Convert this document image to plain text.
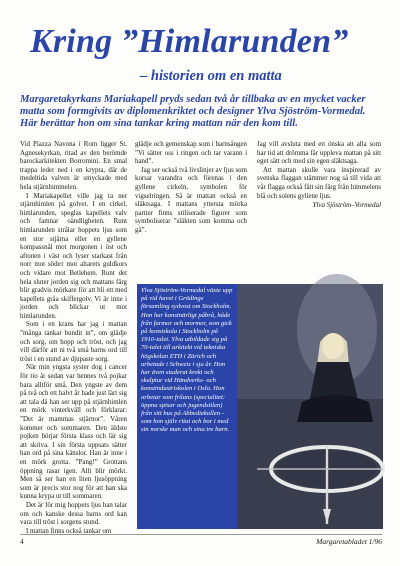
Kring ”Himlarunden”
– historien om en matta
Margaretakyrkans Mariakapell pryds sedan två år tillbaka av en mycket vacker matta som formgivits av diplomenkriktet och designer Ylva Sjöström-Vormedal. Här berättar hon om sina tankar kring mattan när den kom till.

Vid Piazza Navona i Rom ligger St. Agnesekyrkan, ritad av den berömde barockarkitekten Borromini. En smal trappa leder ned i en krypta, där de medeltida valven är smyckade med hela stjärnhimmelen.

I Mariakapellet ville jag ta ner stjärnhimlen på golvet. I en cirkel, himlarunden, speglas kapellets valv och famnar oändligheten. Runt himlarunden strålar hoppets ljus som en stor stjärna eller en gyllene kompassnål mot morgonen i öst och aftonen i väst och lyser starkast från norr mot södeт mot altarets guldkors och vidare mot Betlehem. Runt det hela sluter jorden sig och mattans färg blir gradvis mörkare för att bli ett med kapellets gråa skiffergolv. Vi är inne i jorden och blickar ut mot himlarunden.

Som i en krans har jag i mattan ”många tankar bundit in”, om glädje och sorg, om hopp och tröst, och jag vill därför att ni två små barns ord till tröst i en stund av djupaste sorg.

När min yngsta syster dog i cancer för tio år sedan var hennes två pojkar bara alltför små. Den yngste av dem på två och ett halvt år hade just lärt sig att tala då han ser upp på stjärnhimlen en mörk vinterkväll och förklarar: ”Det är mammas stjärnor”. Våren kommer och sommaren. Den äldste pojken börjar första klass och lär sig att skriva. I sin första uppsats sätter han ord på sina känslor. Han är inne i en mörk grotta. ”Pang!” Grottans öppning rasar igen. Allt blir mörkt. Men så ser han en liten ljusöppning som är precis stor nog för att han ska kunna krypa ut till sommaren.

Det är för mig hoppets ljus han talar om och kanske dessa barns ord kan vara till tröst i sorgens stund.

I mattan finns också tankar om

glädje och gemenskap som i barnsången ”Vi sätter oss i ringen och tar varann i hand”.

Jag ser också två livslinjer av ljus som korsar varandra och förenas i den gyllene cirkeln, symbolen för vigselringen. Så är mattan också en släktsaga. I mattans yttersta mörka partier finns stiliserade figurer som symboliserar ”släkten som komma och gå”.

Jag vill avsluta med ett önska att alla som har tid att drömma får uppleva mattan på sitt eget sätt och med sin egen släktsaga.

Att mattan skulle vara inspirerad av svenska flaggan stämmer nog så till vida att vår flagga också fått sin färg från himmelens blå och solens gyllene ljus.

Ylva Sjöström–Vormedal

Ylva Sjöström-Vormedal växte upp på vid havet i Grödinge församling sydvost om Stockholm. Hon har konstnärligt påbrå, både från farmor och mormor, som gick på konstskola i Stockholm på 1910-talet. Ylva utbildade sig på 70-talet till arkitekt vid tekniska högskolan ETH i Zürich och arbetade i Schweiz i sju år. Hon har även studerat kroki och skulptur vid Händverks- och konstindustriskolen i Oslo. Hon arbetar som frilans (specialitet: öppna spisar och jugendstilen) från sitt hus på Abbediekollen - som hon själv ritat och bor i med sin norske man och sina tre barn.
4	Margaretabladet 1/96
